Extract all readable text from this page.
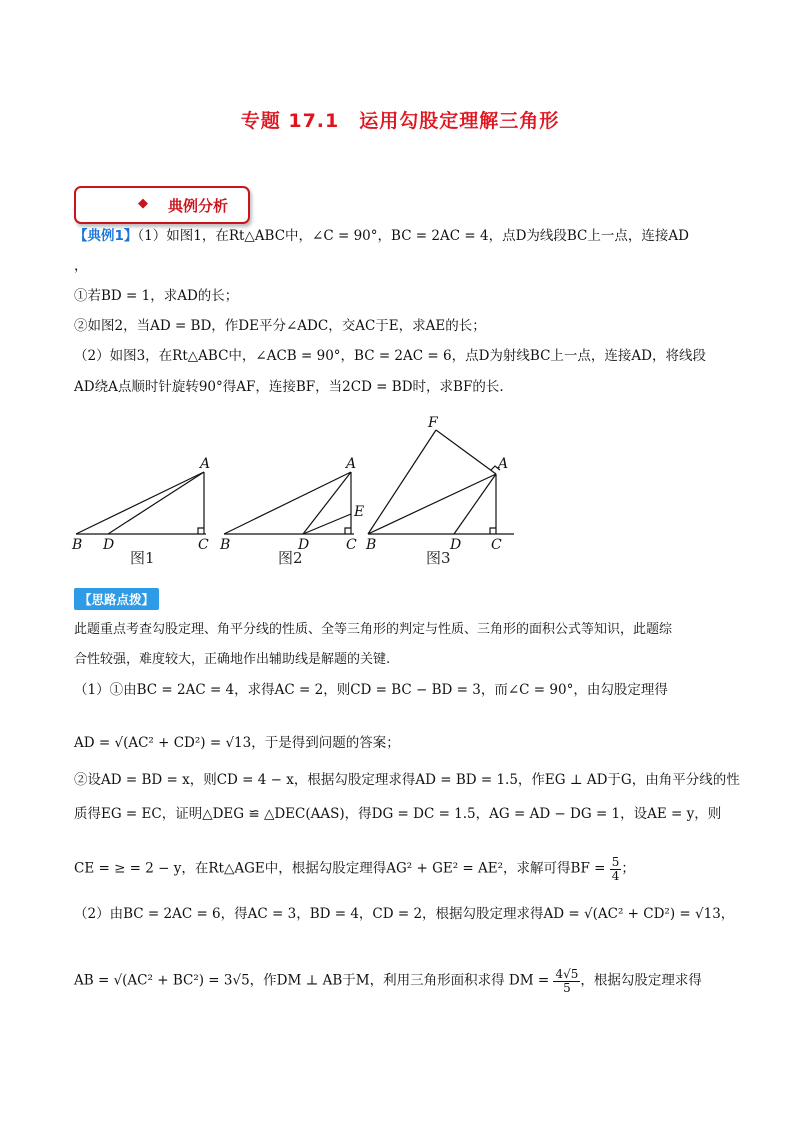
专题 17.1　运用勾股定理解三角形
◆ 典例分析
【典例1】（1）如图1，在Rt△ABC中，∠C = 90°，BC = 2AC = 4，点D为线段BC上一点，连接AD
，
①若BD = 1，求AD的长；
②如图2，当AD = BD，作DE平分∠ADC，交AC于E，求AE的长；
（2）如图3，在Rt△ABC中，∠ACB = 90°，BC = 2AC = 6，点D为射线BC上一点，连接AD，将线段
AD绕A点顺时针旋转90°得AF，连接BF，当2CD = BD时，求BF的长.
A
B D	C
图1
A
E
B	D	C
图2
F
A
B	D C
图3
【思路点拨】
此题重点考查勾股定理、角平分线的性质、全等三角形的判定与性质、三角形的面积公式等知识，此题综
合性较强，难度较大，正确地作出辅助线是解题的关键.
（1）①由BC = 2AC = 4，求得AC = 2，则CD = BC − BD = 3，而∠C = 90°，由勾股定理得
AD = √(AC² + CD²) = √13，于是得到问题的答案；
②设AD = BD = x，则CD = 4 − x，根据勾股定理求得AD = BD = 1.5，作EG ⊥ AD于G，由角平分线的性
质得EG = EC，证明△DEG ≌ △DEC(AAS)，得DG = DC = 1.5，AG = AD − DG = 1，设AE = y，则
CE = ≥ = 2 − y，在Rt△AGE中，根据勾股定理得AG² + GE² = AE²，求解可得BF = $\frac{5}{4}$ ；
（2）由BC = 2AC = 6，得AC = 3，BD = 4，CD = 2，根据勾股定理求得AD = √(AC² + CD²) = √13，
AB = √(AC² + BC²) = 3√5，作DM ⊥ AB于M，利用三角形面积求得 DM = $\frac{4√5}{5}$ ，根据勾股定理求得
